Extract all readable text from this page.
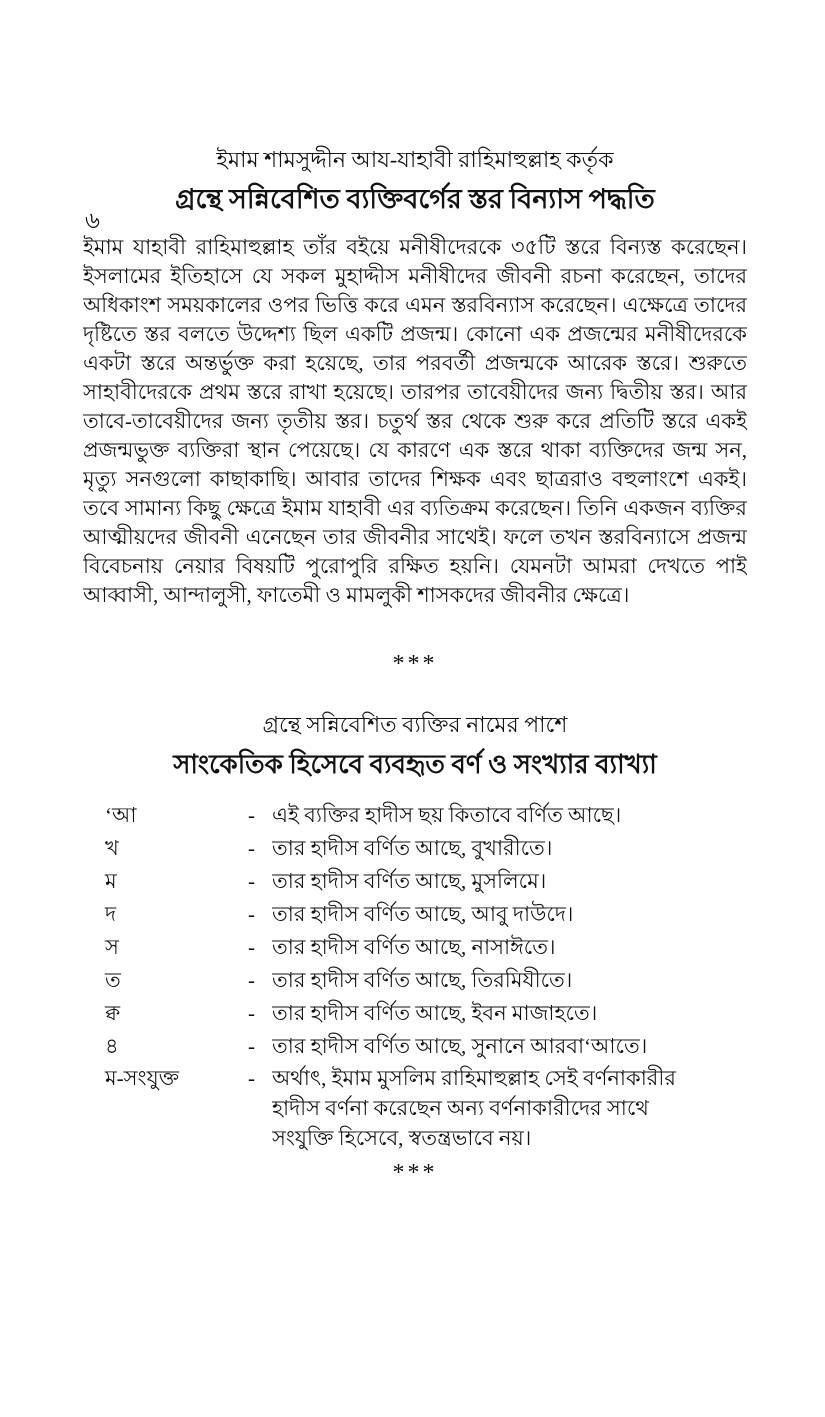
৬
ইমাম শামসুদ্দীন আয-যাহাবী রাহিমাহুল্লাহ কর্তৃক
গ্রন্থে সন্নিবেশিত ব্যক্তিবর্গের স্তর বিন্যাস পদ্ধতি
ইমাম যাহাবী রাহিমাহুল্লাহ তাঁর বইয়ে মনীষীদেরকে ৩৫টি স্তরে বিন্যস্ত করেছেন। ইসলামের ইতিহাসে যে সকল মুহাদ্দীস মনীষীদের জীবনী রচনা করেছেন, তাদের অধিকাংশ সময়কালের ওপর ভিত্তি করে এমন স্তরবিন্যাস করেছেন। এক্ষেত্রে তাদের দৃষ্টিতে স্তর বলতে উদ্দেশ্য ছিল একটি প্রজন্ম। কোনো এক প্রজন্মের মনীষীদেরকে একটা স্তরে অন্তর্ভুক্ত করা হয়েছে, তার পরবর্তী প্রজন্মকে আরেক স্তরে। শুরুতে সাহাবীদেরকে প্রথম স্তরে রাখা হয়েছে। তারপর তাবেয়ীদের জন্য দ্বিতীয় স্তর। আর তাবে-তাবেয়ীদের জন্য তৃতীয় স্তর। চতুর্থ স্তর থেকে শুরু করে প্রতিটি স্তরে একই প্রজন্মভুক্ত ব্যক্তিরা স্থান পেয়েছে। যে কারণে এক স্তরে থাকা ব্যক্তিদের জন্ম সন, মৃত্যু সনগুলো কাছাকাছি। আবার তাদের শিক্ষক এবং ছাত্ররাও বহুলাংশে একই। তবে সামান্য কিছু ক্ষেত্রে ইমাম যাহাবী এর ব্যতিক্রম করেছেন। তিনি একজন ব্যক্তির আত্মীয়দের জীবনী এনেছেন তার জীবনীর সাথেই। ফলে তখন স্তরবিন্যাসে প্রজন্ম বিবেচনায় নেয়ার বিষয়টি পুরোপুরি রক্ষিত হয়নি। যেমনটা আমরা দেখতে পাই আব্বাসী, আন্দালুসী, ফাতেমী ও মামলুকী শাসকদের জীবনীর ক্ষেত্রে।
***
গ্রন্থে সন্নিবেশিত ব্যক্তির নামের পাশে
সাংকেতিক হিসেবে ব্যবহৃত বর্ণ ও সংখ্যার ব্যাখ্যা
‘আ	- এই ব্যক্তির হাদীস ছয় কিতাবে বর্ণিত আছে।
খ	- তার হাদীস বর্ণিত আছে, বুখারীতে।
ম	- তার হাদীস বর্ণিত আছে, মুসলিমে।
দ	- তার হাদীস বর্ণিত আছে, আবু দাউদে।
স	- তার হাদীস বর্ণিত আছে, নাসাঈতে।
ত	- তার হাদীস বর্ণিত আছে, তিরমিযীতে।
ক্ব	- তার হাদীস বর্ণিত আছে, ইবন মাজাহতে।
৪	- তার হাদীস বর্ণিত আছে, সুনানে আরবা‘আতে।
ম-সংযুক্ত	- অর্থাৎ, ইমাম মুসলিম রাহিমাহুল্লাহ সেই বর্ণনাকারীর
হাদীস বর্ণনা করেছেন অন্য বর্ণনাকারীদের সাথে
সংযুক্তি হিসেবে, স্বতন্ত্রভাবে নয়।
***
